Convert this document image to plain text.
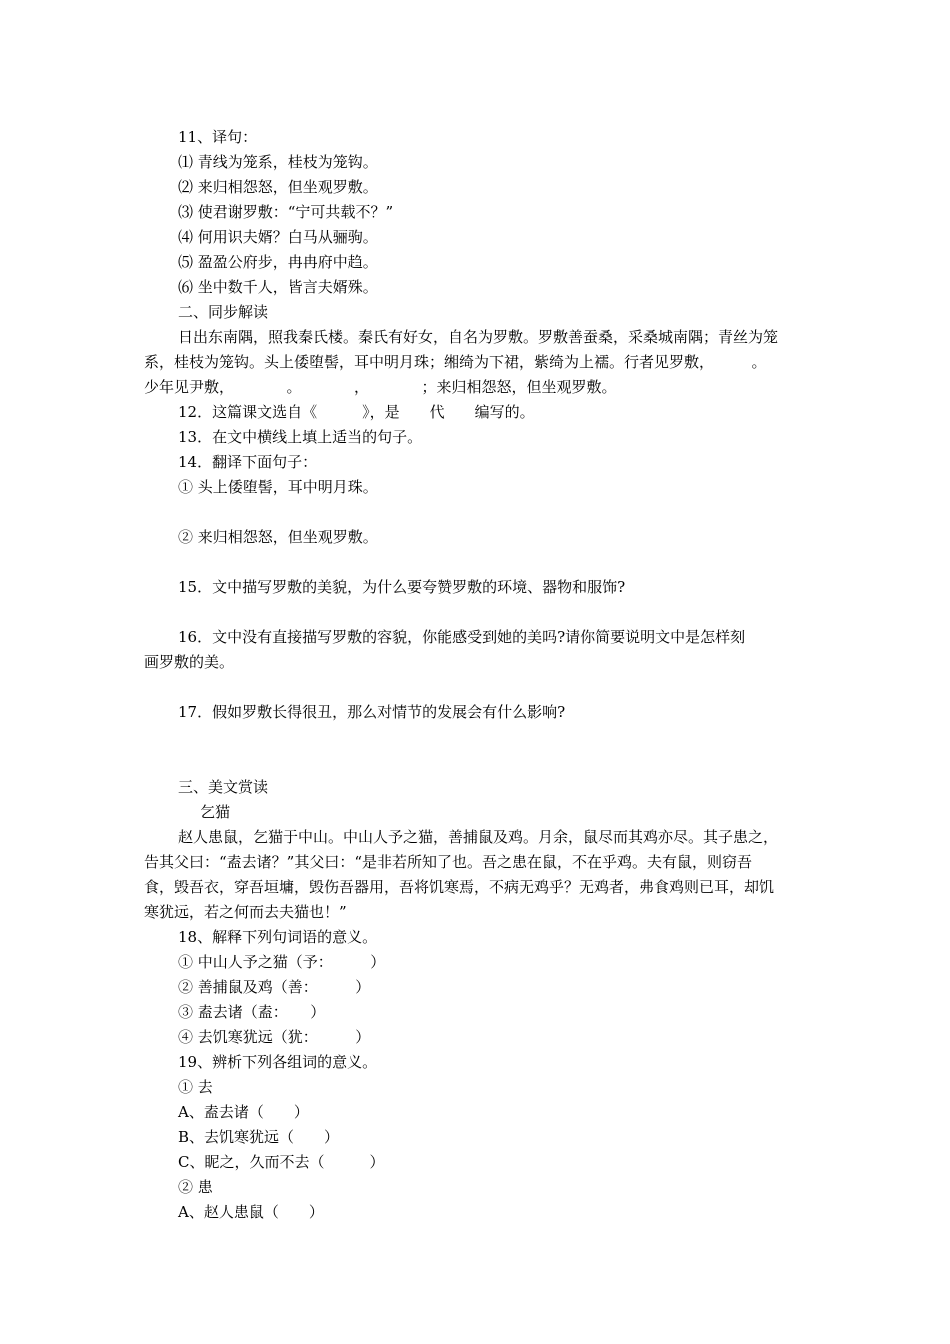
11、译句：
⑴ 青线为笼系，桂枝为笼钩。
⑵ 来归相怨怒，但坐观罗敷。
⑶ 使君谢罗敷：“宁可共载不？”
⑷ 何用识夫婿？白马从骊驹。
⑸ 盈盈公府步，冉冉府中趋。
⑹ 坐中数千人，皆言夫婿殊。
二、同步解读
日出东南隅，照我秦氏楼。秦氏有好女，自名为罗敷。罗敷善蚕桑，采桑城南隅；青丝为笼
系，桂枝为笼钩。头上倭堕髻，耳中明月珠；缃绮为下裙，紫绮为上襦。行者见罗敷，　　　。
少年见尹敷，　　　　。　　　　，　　　　；来归相怨怒，但坐观罗敷。
12．这篇课文选自《　　　》，是　　代　　编写的。
13．在文中横线上填上适当的句子。
14．翻译下面句子：
① 头上倭堕髻，耳中明月珠。
② 来归相怨怒，但坐观罗敷。
15．文中描写罗敷的美貌，为什么要夸赞罗敷的环境、器物和服饰?
16．文中没有直接描写罗敷的容貌，你能感受到她的美吗?请你简要说明文中是怎样刻
画罗敷的美。
17．假如罗敷长得很丑，那么对情节的发展会有什么影响?
三、美文赏读
乞猫
赵人患鼠，乞猫于中山。中山人予之猫，善捕鼠及鸡。月余，鼠尽而其鸡亦尽。其子患之，
告其父曰：“盍去诸？”其父曰：“是非若所知了也。吾之患在鼠，不在乎鸡。夫有鼠，则窃吾
食，毁吾衣，穿吾垣墉，毁伤吾器用，吾将饥寒焉，不病无鸡乎？无鸡者，弗食鸡则已耳，却饥
寒犹远，若之何而去夫猫也！”
18、解释下列句词语的意义。
① 中山人予之猫（予：　　　）
② 善捕鼠及鸡（善：　　　）
③ 盍去诸（盍：　　）
④ 去饥寒犹远（犹：　　　）
19、辨析下列各组词的意义。
① 去
A、盍去诸（　　）
B、去饥寒犹远（　　）
C、眤之，久而不去（　　　）
② 患
A、赵人患鼠（　　）
